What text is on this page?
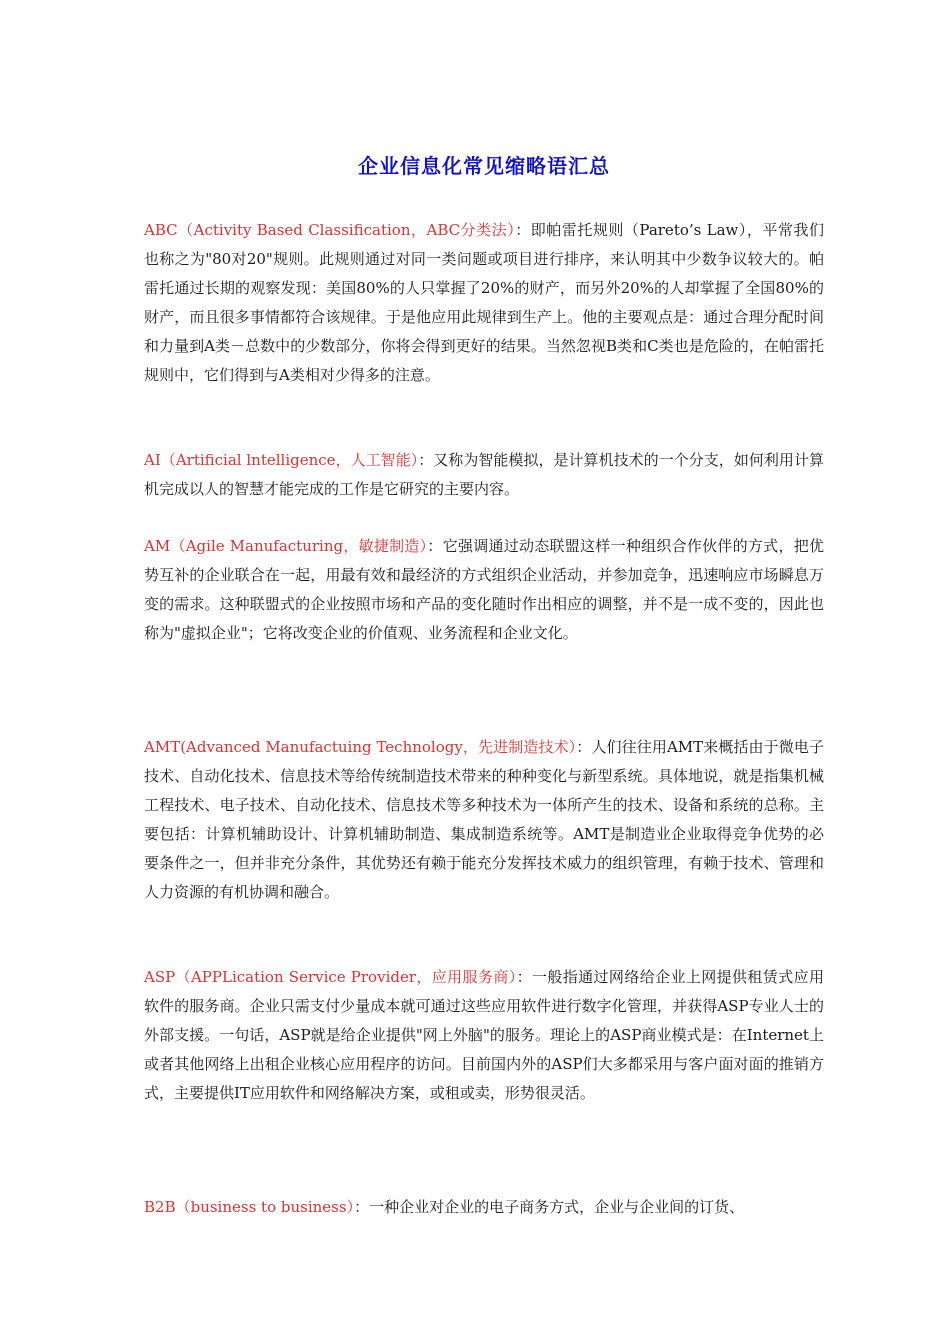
企业信息化常见缩略语汇总

ABC（Activity Based Classification，ABC分类法）：即帕雷托规则（Pareto’s Law），平常我们也称之为"80对20"规则。此规则通过对同一类问题或项目进行排序，来认明其中少数争议较大的。帕雷托通过长期的观察发现：美国80%的人只掌握了20%的财产，而另外20%的人却掌握了全国80%的财产，而且很多事情都符合该规律。于是他应用此规律到生产上。他的主要观点是：通过合理分配时间和力量到A类－总数中的少数部分，你将会得到更好的结果。当然忽视B类和C类也是危险的，在帕雷托规则中，它们得到与A类相对少得多的注意。

AI（Artificial lntelligence，人工智能）：又称为智能模拟，是计算机技术的一个分支，如何利用计算机完成以人的智慧才能完成的工作是它研究的主要内容。

AM（Agile Manufacturing，敏捷制造）：它强调通过动态联盟这样一种组织合作伙伴的方式，把优势互补的企业联合在一起，用最有效和最经济的方式组织企业活动，并参加竞争，迅速响应市场瞬息万变的需求。这种联盟式的企业按照市场和产品的变化随时作出相应的调整，并不是一成不变的，因此也称为"虚拟企业"；它将改变企业的价值观、业务流程和企业文化。

AMT(Advanced Manufactuing Technology，先进制造技术）：人们往往用AMT来概括由于微电子技术、自动化技术、信息技术等给传统制造技术带来的种种变化与新型系统。具体地说，就是指集机械工程技术、电子技术、自动化技术、信息技术等多种技术为一体所产生的技术、设备和系统的总称。主要包括：计算机辅助设计、计算机辅助制造、集成制造系统等。AMT是制造业企业取得竞争优势的必要条件之一，但并非充分条件，其优势还有赖于能充分发挥技术威力的组织管理，有赖于技术、管理和人力资源的有机协调和融合。

ASP（APPLication Service Provider，应用服务商）：一般指通过网络给企业上网提供租赁式应用软件的服务商。企业只需支付少量成本就可通过这些应用软件进行数字化管理，并获得ASP专业人士的外部支援。一句话，ASP就是给企业提供"网上外脑"的服务。理论上的ASP商业模式是：在Internet上或者其他网络上出租企业核心应用程序的访问。目前国内外的ASP们大多都采用与客户面对面的推销方式，主要提供IT应用软件和网络解决方案，或租或卖，形势很灵活。

B2B（business to business）：一种企业对企业的电子商务方式，企业与企业间的订货、
